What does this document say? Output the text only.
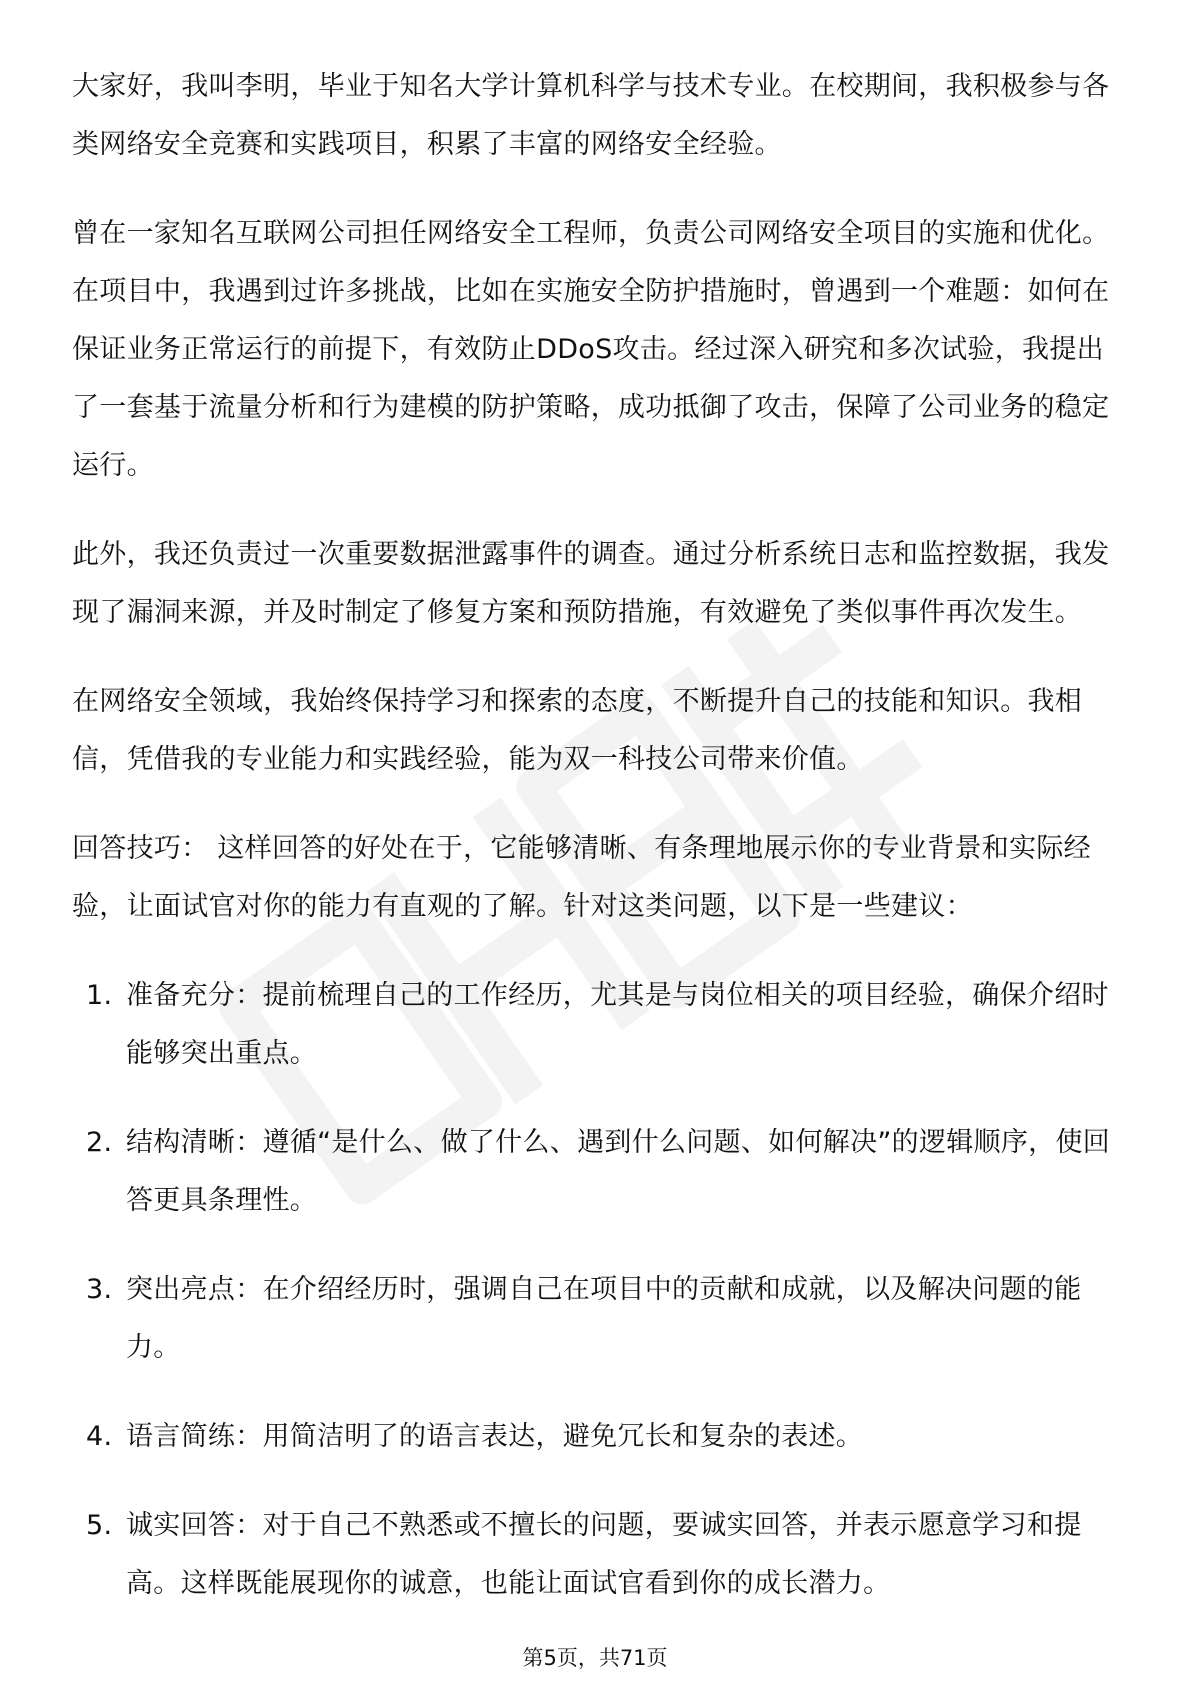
大家好，我叫李明，毕业于知名大学计算机科学与技术专业。在校期间，我积极参与各类网络安全竞赛和实践项目，积累了丰富的网络安全经验。

曾在一家知名互联网公司担任网络安全工程师，负责公司网络安全项目的实施和优化。在项目中，我遇到过许多挑战，比如在实施安全防护措施时，曾遇到一个难题：如何在保证业务正常运行的前提下，有效防止DDoS攻击。经过深入研究和多次试验，我提出了一套基于流量分析和行为建模的防护策略，成功抵御了攻击，保障了公司业务的稳定运行。

此外，我还负责过一次重要数据泄露事件的调查。通过分析系统日志和监控数据，我发现了漏洞来源，并及时制定了修复方案和预防措施，有效避免了类似事件再次发生。

在网络安全领域，我始终保持学习和探索的态度，不断提升自己的技能和知识。我相信，凭借我的专业能力和实践经验，能为双一科技公司带来价值。

回答技巧： 这样回答的好处在于，它能够清晰、有条理地展示你的专业背景和实际经验，让面试官对你的能力有直观的了解。针对这类问题，以下是一些建议：

1. 准备充分：提前梳理自己的工作经历，尤其是与岗位相关的项目经验，确保介绍时能够突出重点。
2. 结构清晰：遵循“是什么、做了什么、遇到什么问题、如何解决”的逻辑顺序，使回答更具条理性。
3. 突出亮点：在介绍经历时，强调自己在项目中的贡献和成就，以及解决问题的能力。
4. 语言简练：用简洁明了的语言表达，避免冗长和复杂的表述。
5. 诚实回答：对于自己不熟悉或不擅长的问题，要诚实回答，并表示愿意学习和提高。这样既能展现你的诚意，也能让面试官看到你的成长潜力。
第5页，共71页
